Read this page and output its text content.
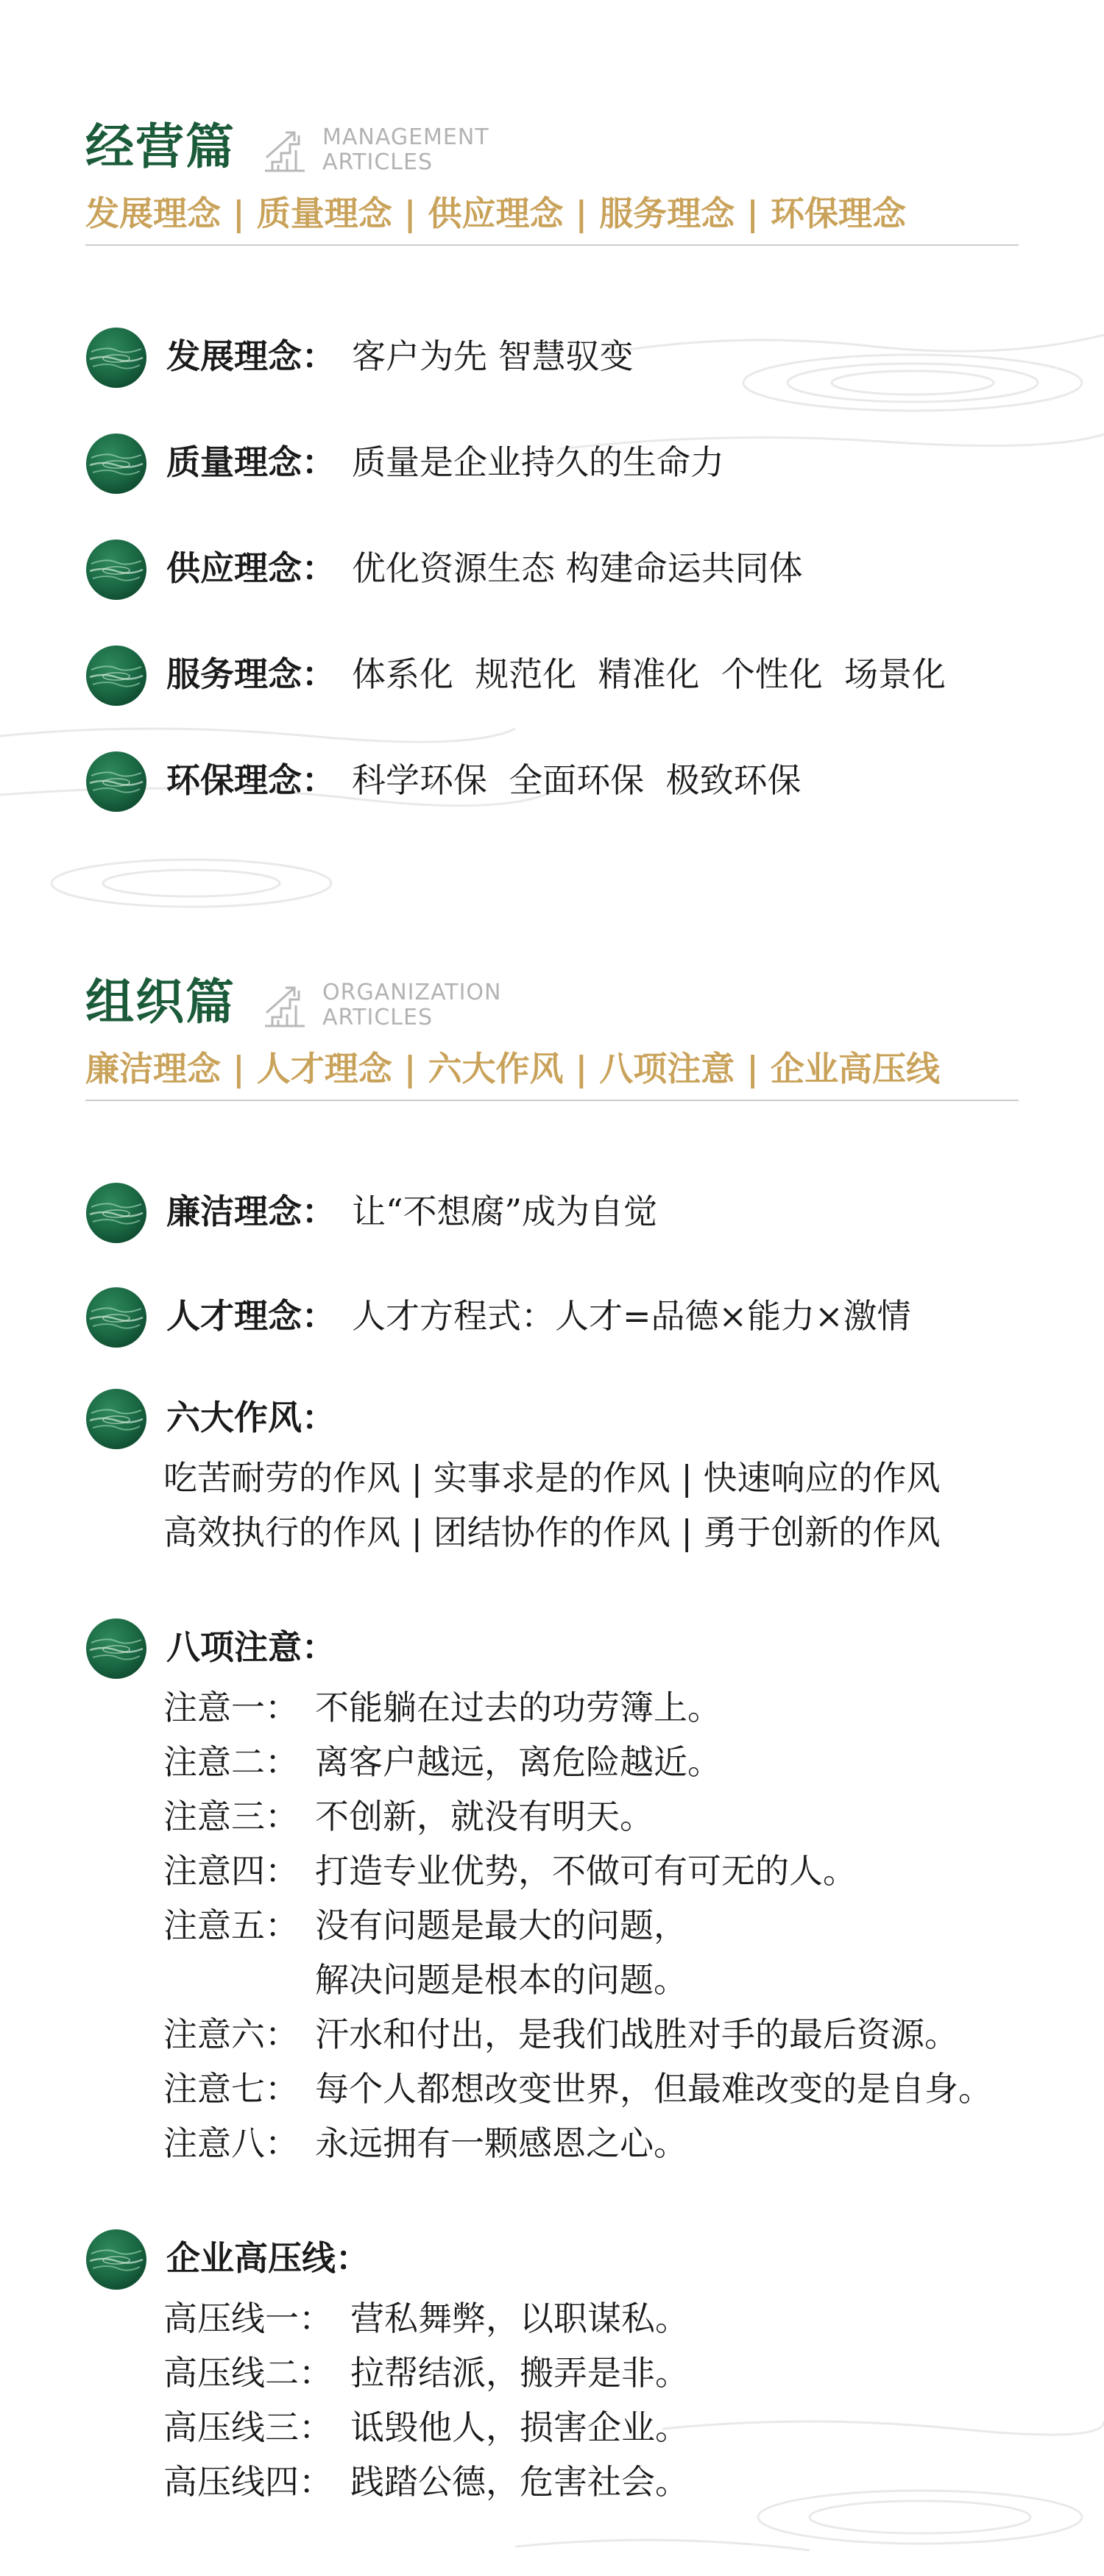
经营篇	MANAGEMENT
ARTICLES
发展理念 | 质量理念 | 供应理念 | 服务理念 | 环保理念
发展理念： 客户为先 智慧驭变
质量理念： 质量是企业持久的生命力
供应理念： 优化资源生态 构建命运共同体
服务理念： 体系化  规范化  精准化  个性化  场景化
环保理念： 科学环保  全面环保  极致环保
组织篇	ORGANIZATION
ARTICLES
廉洁理念 | 人才理念 | 六大作风 | 八项注意 | 企业高压线
廉洁理念： 让“不想腐”成为自觉
人才理念： 人才方程式：人才=品德×能力×激情
六大作风：
吃苦耐劳的作风 | 实事求是的作风 | 快速响应的作风
高效执行的作风 | 团结协作的作风 | 勇于创新的作风
八项注意：
注意一： 不能躺在过去的功劳簿上。
注意二： 离客户越远，离危险越近。
注意三： 不创新，就没有明天。
注意四： 打造专业优势，不做可有可无的人。
注意五： 没有问题是最大的问题，
解决问题是根本的问题。
注意六： 汗水和付出，是我们战胜对手的最后资源。
注意七： 每个人都想改变世界，但最难改变的是自身。
注意八： 永远拥有一颗感恩之心。
企业高压线：
高压线一： 营私舞弊，以职谋私。
高压线二： 拉帮结派，搬弄是非。
高压线三： 诋毁他人，损害企业。
高压线四： 践踏公德，危害社会。
